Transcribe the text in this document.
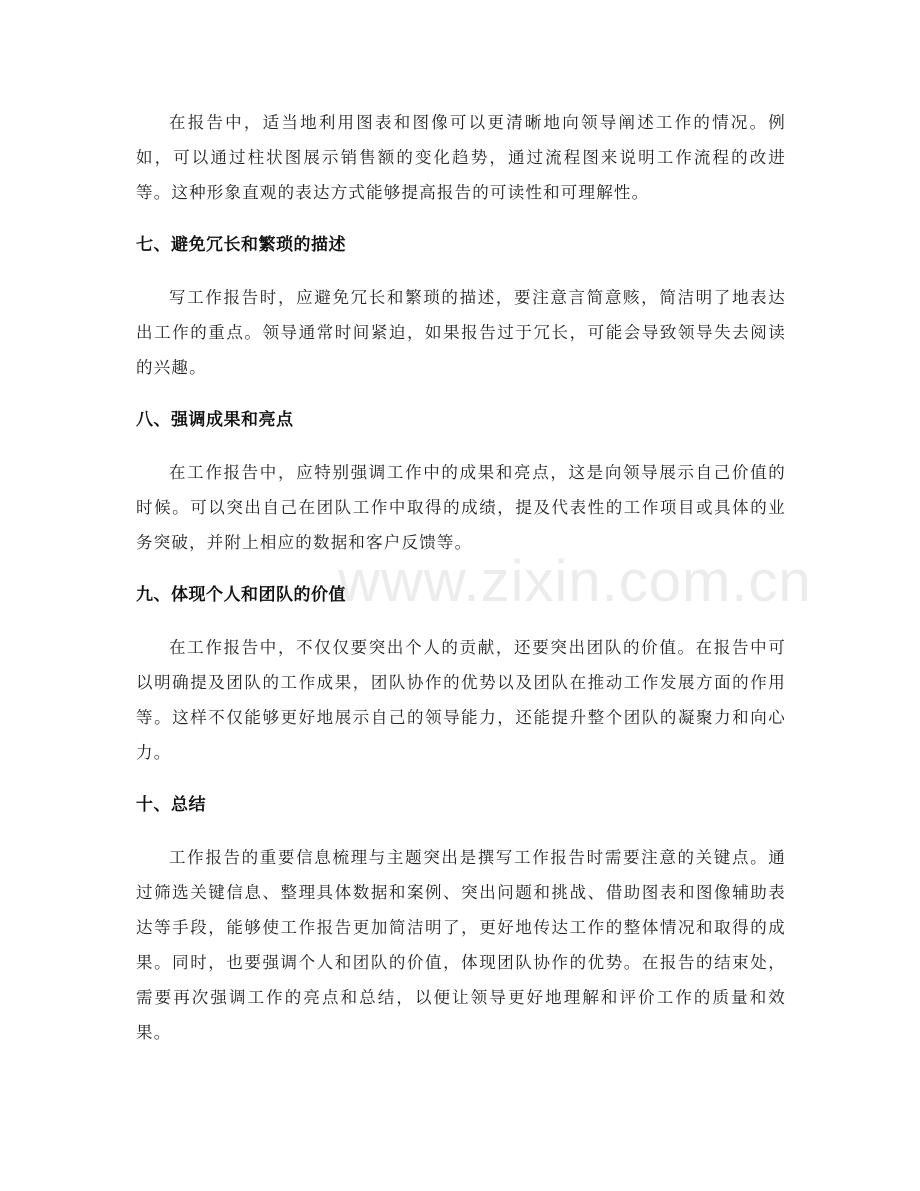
在报告中，适当地利用图表和图像可以更清晰地向领导阐述工作的情况。例如，可以通过柱状图展示销售额的变化趋势，通过流程图来说明工作流程的改进等。这种形象直观的表达方式能够提高报告的可读性和可理解性。

七、避免冗长和繁琐的描述

写工作报告时，应避免冗长和繁琐的描述，要注意言简意赅，简洁明了地表达出工作的重点。领导通常时间紧迫，如果报告过于冗长，可能会导致领导失去阅读的兴趣。

八、强调成果和亮点

在工作报告中，应特别强调工作中的成果和亮点，这是向领导展示自己价值的时候。可以突出自己在团队工作中取得的成绩，提及代表性的工作项目或具体的业务突破，并附上相应的数据和客户反馈等。

九、体现个人和团队的价值

在工作报告中，不仅仅要突出个人的贡献，还要突出团队的价值。在报告中可以明确提及团队的工作成果，团队协作的优势以及团队在推动工作发展方面的作用等。这样不仅能够更好地展示自己的领导能力，还能提升整个团队的凝聚力和向心力。

十、总结

工作报告的重要信息梳理与主题突出是撰写工作报告时需要注意的关键点。通过筛选关键信息、整理具体数据和案例、突出问题和挑战、借助图表和图像辅助表达等手段，能够使工作报告更加简洁明了，更好地传达工作的整体情况和取得的成果。同时，也要强调个人和团队的价值，体现团队协作的优势。在报告的结束处，需要再次强调工作的亮点和总结，以便让领导更好地理解和评价工作的质量和效果。

www.zixin.com.cn
